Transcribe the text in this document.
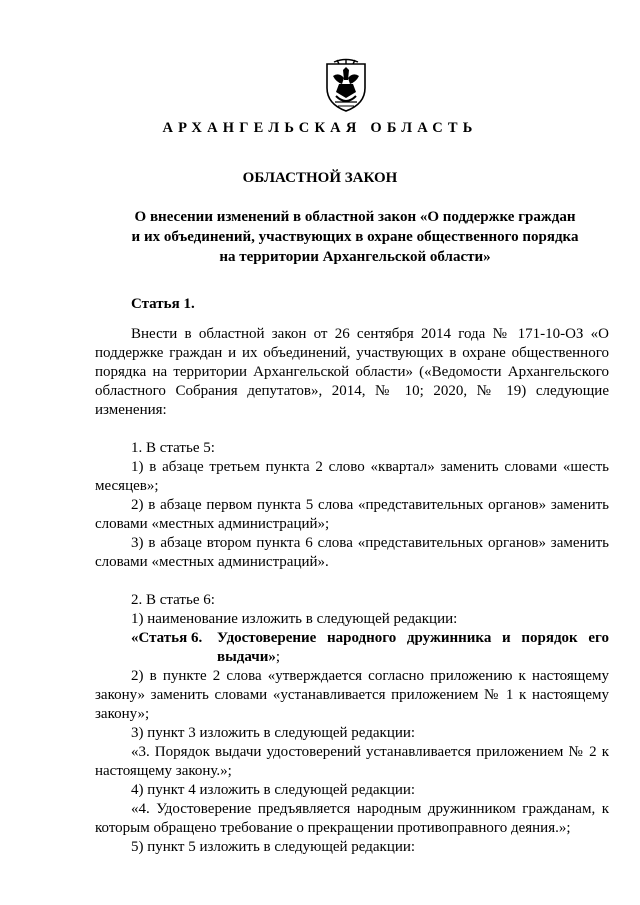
АРХАНГЕЛЬСКАЯ ОБЛАСТЬ
ОБЛАСТНОЙ ЗАКОН
О внесении изменений в областной закон «О поддержке граждан
и их объединений, участвующих в охране общественного порядка
на территории Архангельской области»
Статья 1.

Внести в областной закон от 26 сентября 2014 года № 171-10-ОЗ «О поддержке граждан и их объединений, участвующих в охране общественного порядка на территории Архангельской области» («Ведомости Архангельского областного Собрания депутатов», 2014, № 10; 2020, № 19) следующие изменения:

1. В статье 5:

1) в абзаце третьем пункта 2 слово «квартал» заменить словами «шесть месяцев»;

2) в абзаце первом пункта 5 слова «представительных органов» заменить словами «местных администраций»;

3) в абзаце втором пункта 6 слова «представительных органов» заменить словами «местных администраций».

2. В статье 6:

1) наименование изложить в следующей редакции:

«Статья 6. Удостоверение народного дружинника и порядок его выдачи»;

2) в пункте 2 слова «утверждается согласно приложению к настоящему закону» заменить словами «устанавливается приложением № 1 к настоящему закону»;

3) пункт 3 изложить в следующей редакции:

«3. Порядок выдачи удостоверений устанавливается приложением № 2 к настоящему закону.»;

4) пункт 4 изложить в следующей редакции:

«4. Удостоверение предъявляется народным дружинником гражданам, к которым обращено требование о прекращении противоправного деяния.»;

5) пункт 5 изложить в следующей редакции:
